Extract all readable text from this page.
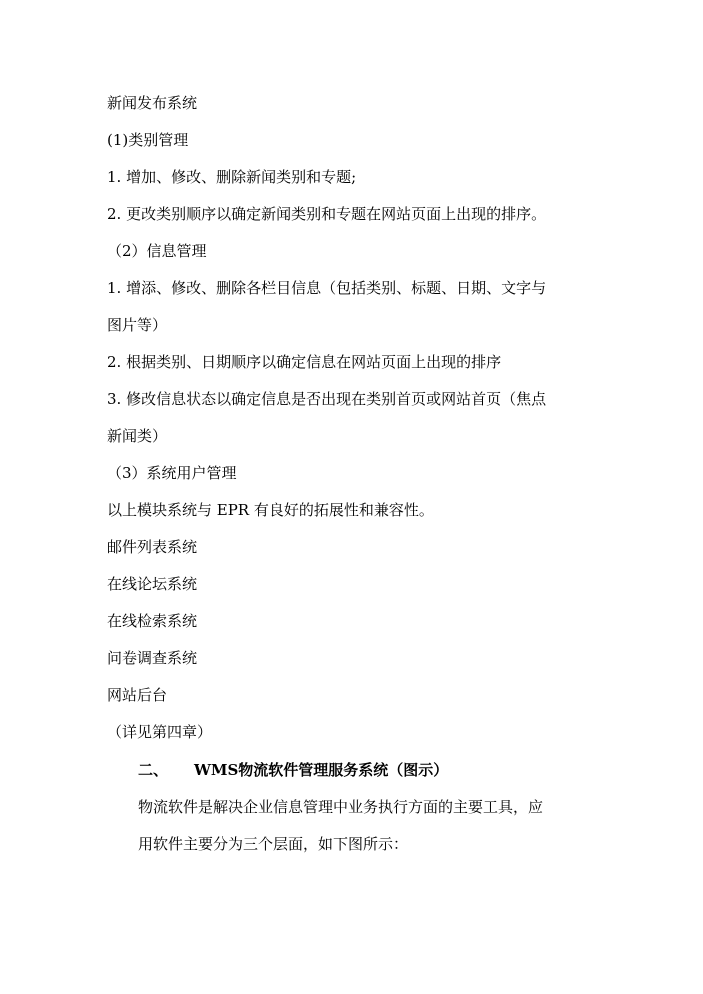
新闻发布系统
(1)类别管理
1. 增加、修改、删除新闻类别和专题;
2. 更改类别顺序以确定新闻类别和专题在网站页面上出现的排序。
（2）信息管理
1. 增添、修改、删除各栏目信息（包括类别、标题、日期、文字与
图片等）
2. 根据类别、日期顺序以确定信息在网站页面上出现的排序
3. 修改信息状态以确定信息是否出现在类别首页或网站首页（焦点
新闻类）
（3）系统用户管理
以上模块系统与 EPR 有良好的拓展性和兼容性。
邮件列表系统
在线论坛系统
在线检索系统
问卷调查系统
网站后台
（详见第四章）
二、 WMS物流软件管理服务系统（图示）
物流软件是解决企业信息管理中业务执行方面的主要工具，应
用软件主要分为三个层面，如下图所示：
